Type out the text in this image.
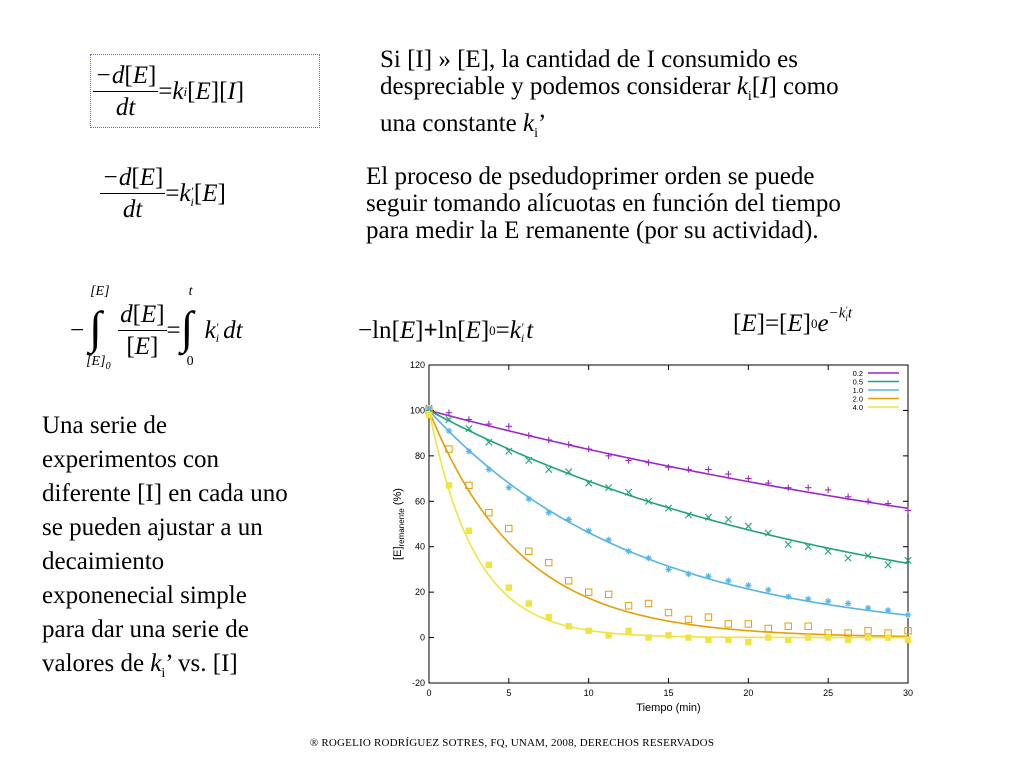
$\frac{-d[E]}{dt} = k$ i [ E ] [ I ]
$\frac{-d[E]}{dt} = k$ '
i [ E ]
−
[E]
∫
$[E]_0$
$\frac{d[E]}{[E]}$ =
t
∫
0
k '
i dt	− ln [ E ] + ln [ E ] 0 = k '
i t	[ E ] = [ E ] 0 e −k '
i t
Si [I] » [E], la cantidad de I consumido es
despreciable y podemos considerar $k_i[I]$ como
una constante $k_i$’
El proceso de psedudoprimer orden se puede
seguir tomando alícuotas en función del tiempo
para medir la E remanente (por su actividad).
Una serie de
experimentos con
diferente [I] en cada uno
se pueden ajustar a un
decaimiento
exponenecial simple
para dar una serie de
valores de $k_i$’ vs. [I]
0	5	10	15	20	25	30
-20
0
20
40
60
80
100
120
Tiempo (min)
$[E]_{remanente}$ (%)
0.2
0.5
1.0
2.0
4.0
® ROGELIO RODRÍGUEZ SOTRES, FQ, UNAM, 2008, DERECHOS RESERVADOS
